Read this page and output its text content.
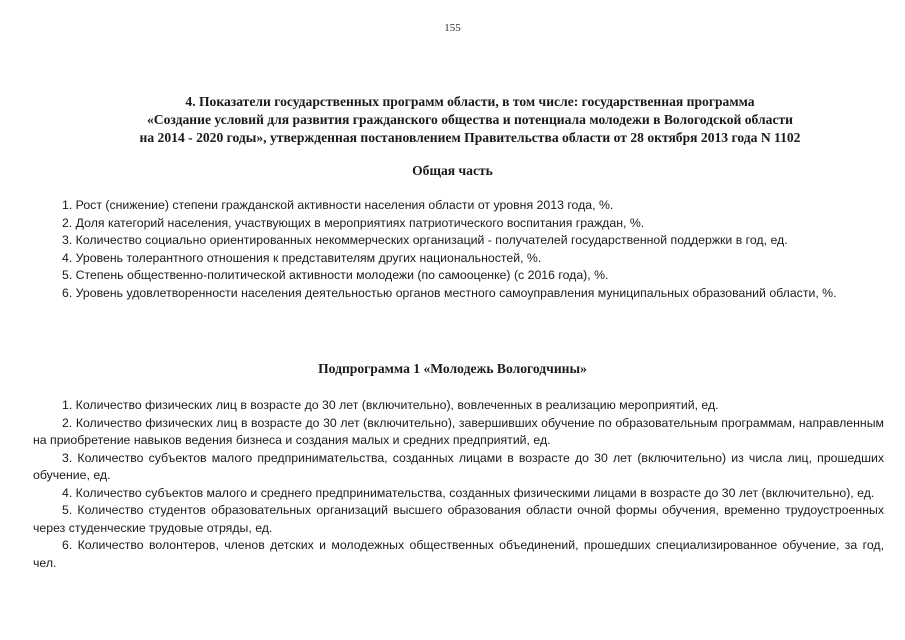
155
4. Показатели государственных программ области, в том числе: государственная программа
«Создание условий для развития гражданского общества и потенциала молодежи в Вологодской области
на 2014 - 2020 годы», утвержденная постановлением Правительства области от 28 октября 2013 года N 1102
Общая часть
1. Рост (снижение) степени гражданской активности населения области от уровня 2013 года, %.
2. Доля категорий населения, участвующих в мероприятиях патриотического воспитания граждан, %.
3. Количество социально ориентированных некоммерческих организаций - получателей государственной поддержки в год, ед.
4. Уровень толерантного отношения к представителям других национальностей, %.
5. Степень общественно-политической активности молодежи (по самооценке) (с 2016 года), %.
6. Уровень удовлетворенности населения деятельностью органов местного самоуправления муниципальных образований области, %.
Подпрограмма 1 «Молодежь Вологодчины»
1. Количество физических лиц в возрасте до 30 лет (включительно), вовлеченных в реализацию мероприятий, ед.
2. Количество физических лиц в возрасте до 30 лет (включительно), завершивших обучение по образовательным программам, направленным на приобретение навыков ведения бизнеса и создания малых и средних предприятий, ед.
3. Количество субъектов малого предпринимательства, созданных лицами в возрасте до 30 лет (включительно) из числа лиц, прошедших обучение, ед.
4. Количество субъектов малого и среднего предпринимательства, созданных физическими лицами в возрасте до 30 лет (включительно), ед.
5. Количество студентов образовательных организаций высшего образования области очной формы обучения, временно трудоустроенных через студенческие трудовые отряды, ед.
6. Количество волонтеров, членов детских и молодежных общественных объединений, прошедших специализированное обучение, за год, чел.
